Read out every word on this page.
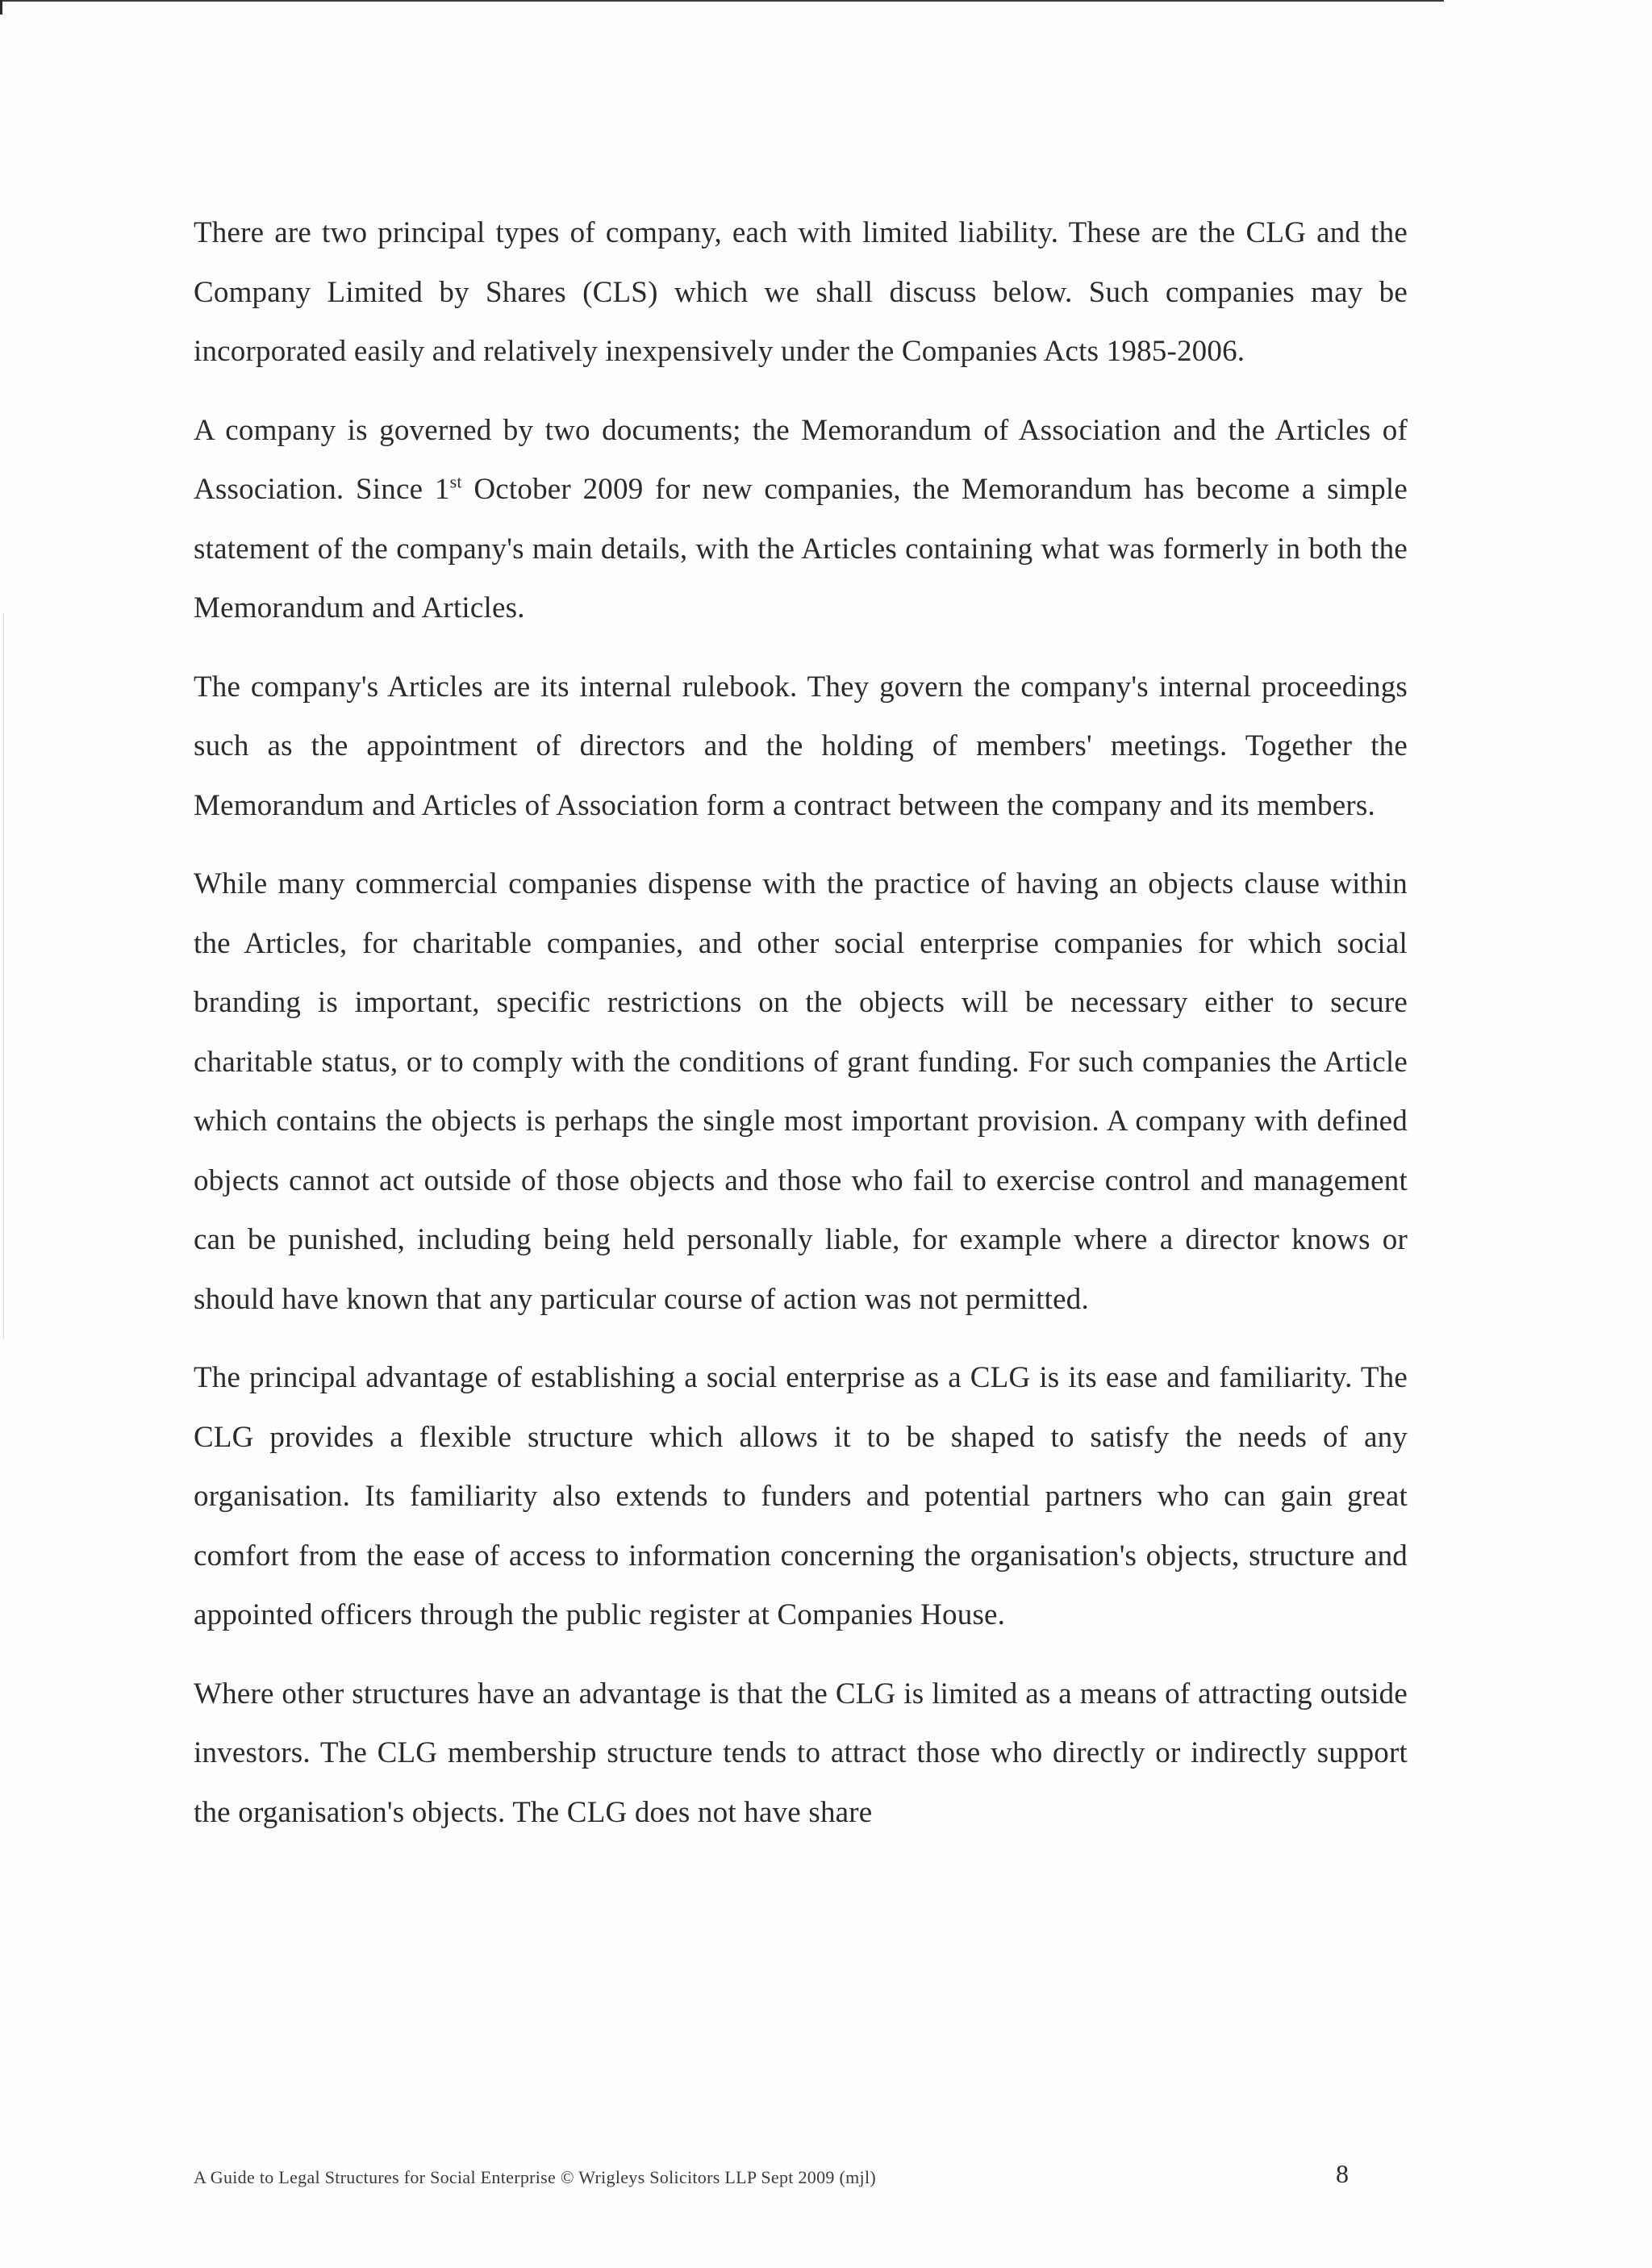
There are two principal types of company, each with limited liability. These are the CLG and the Company Limited by Shares (CLS) which we shall discuss below. Such companies may be incorporated easily and relatively inexpensively under the Companies Acts 1985-2006.

A company is governed by two documents; the Memorandum of Association and the Articles of Association. Since 1st October 2009 for new companies, the Memorandum has become a simple statement of the company's main details, with the Articles containing what was formerly in both the Memorandum and Articles.

The company's Articles are its internal rulebook. They govern the company's internal proceedings such as the appointment of directors and the holding of members' meetings. Together the Memorandum and Articles of Association form a contract between the company and its members.

While many commercial companies dispense with the practice of having an objects clause within the Articles, for charitable companies, and other social enterprise companies for which social branding is important, specific restrictions on the objects will be necessary either to secure charitable status, or to comply with the conditions of grant funding. For such companies the Article which contains the objects is perhaps the single most important provision. A company with defined objects cannot act outside of those objects and those who fail to exercise control and management can be punished, including being held personally liable, for example where a director knows or should have known that any particular course of action was not permitted.

The principal advantage of establishing a social enterprise as a CLG is its ease and familiarity. The CLG provides a flexible structure which allows it to be shaped to satisfy the needs of any organisation. Its familiarity also extends to funders and potential partners who can gain great comfort from the ease of access to information concerning the organisation's objects, structure and appointed officers through the public register at Companies House.

Where other structures have an advantage is that the CLG is limited as a means of attracting outside investors. The CLG membership structure tends to attract those who directly or indirectly support the organisation's objects. The CLG does not have share

A Guide to Legal Structures for Social Enterprise © Wrigleys Solicitors LLP Sept 2009 (mjl)	8
